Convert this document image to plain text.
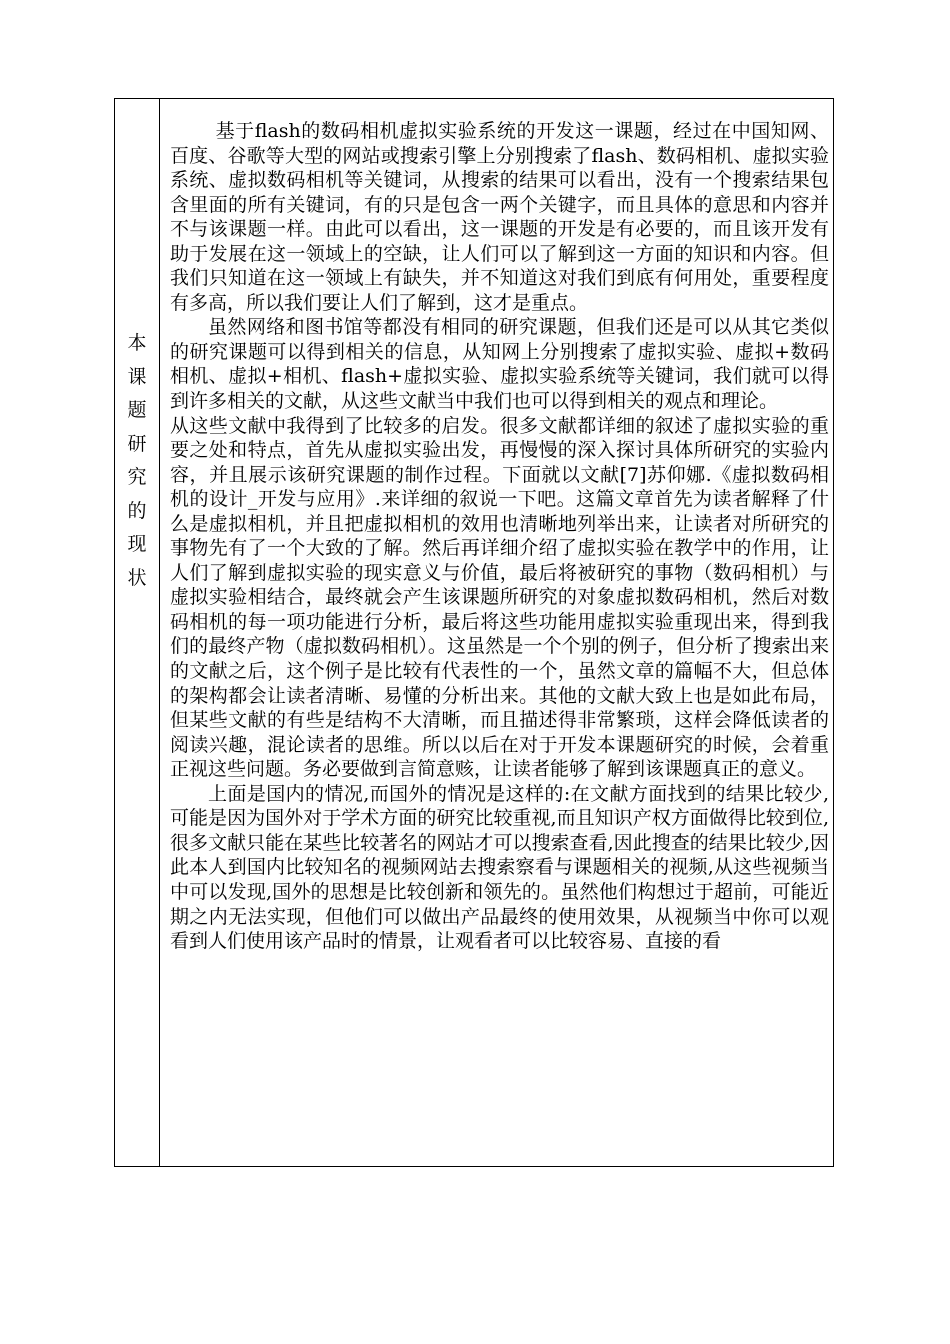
本
课
题
研
究
的
现
状

基于flash的数码相机虚拟实验系统的开发这一课题，经过在中国知网、百度、谷歌等大型的网站或搜索引擎上分别搜索了flash、数码相机、虚拟实验系统、虚拟数码相机等关键词，从搜索的结果可以看出，没有一个搜索结果包含里面的所有关键词，有的只是包含一两个关键字，而且具体的意思和内容并不与该课题一样。由此可以看出，这一课题的开发是有必要的，而且该开发有助于发展在这一领域上的空缺，让人们可以了解到这一方面的知识和内容。但我们只知道在这一领域上有缺失，并不知道这对我们到底有何用处，重要程度有多高，所以我们要让人们了解到，这才是重点。

虽然网络和图书馆等都没有相同的研究课题，但我们还是可以从其它类似的研究课题可以得到相关的信息，从知网上分别搜索了虚拟实验、虚拟+数码相机、虚拟+相机、flash+虚拟实验、虚拟实验系统等关键词，我们就可以得到许多相关的文献，从这些文献当中我们也可以得到相关的观点和理论。

从这些文献中我得到了比较多的启发。很多文献都详细的叙述了虚拟实验的重要之处和特点，首先从虚拟实验出发，再慢慢的深入探讨具体所研究的实验内容，并且展示该研究课题的制作过程。下面就以文献[7]苏仰娜.《虚拟数码相机的设计_开发与应用》.来详细的叙说一下吧。这篇文章首先为读者解释了什么是虚拟相机，并且把虚拟相机的效用也清晰地列举出来，让读者对所研究的事物先有了一个大致的了解。然后再详细介绍了虚拟实验在教学中的作用，让人们了解到虚拟实验的现实意义与价值，最后将被研究的事物（数码相机）与虚拟实验相结合，最终就会产生该课题所研究的对象虚拟数码相机，然后对数码相机的每一项功能进行分析，最后将这些功能用虚拟实验重现出来，得到我们的最终产物（虚拟数码相机）。这虽然是一个个别的例子，但分析了搜索出来的文献之后，这个例子是比较有代表性的一个，虽然文章的篇幅不大，但总体的架构都会让读者清晰、易懂的分析出来。其他的文献大致上也是如此布局，但某些文献的有些是结构不大清晰，而且描述得非常繁琐，这样会降低读者的阅读兴趣，混论读者的思维。所以以后在对于开发本课题研究的时候，会着重正视这些问题。务必要做到言简意赅，让读者能够了解到该课题真正的意义。

上面是国内的情况,而国外的情况是这样的:在文献方面找到的结果比较少,可能是因为国外对于学术方面的研究比较重视,而且知识产权方面做得比较到位,很多文献只能在某些比较著名的网站才可以搜索查看,因此搜查的结果比较少,因此本人到国内比较知名的视频网站去搜索察看与课题相关的视频,从这些视频当中可以发现,国外的思想是比较创新和领先的。虽然他们构想过于超前，可能近期之内无法实现，但他们可以做出产品最终的使用效果，从视频当中你可以观看到人们使用该产品时的情景，让观看者可以比较容易、直接的看
